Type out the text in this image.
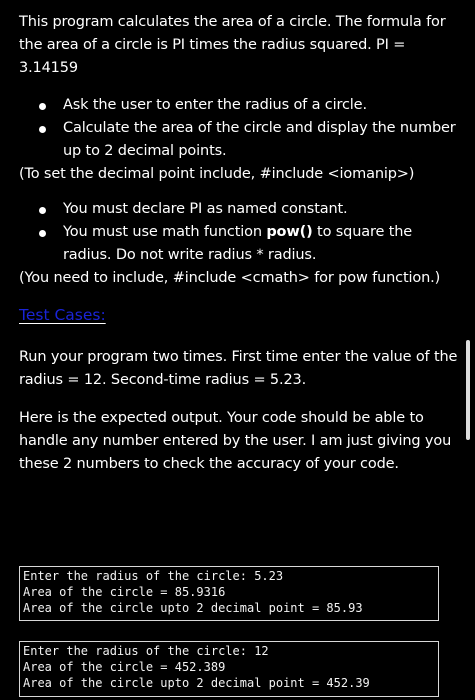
This program calculates the area of a circle. The formula for the area of a circle is PI times the radius squared. PI = 3.14159

Ask the user to enter the radius of a circle.
Calculate the area of the circle and display the number up to 2 decimal points.

(To set the decimal point include, #include <iomanip>)

You must declare PI as named constant.
You must use math function pow() to square the radius. Do not write radius * radius.

(You need to include, #include <cmath> for pow function.)

Test Cases:

Run your program two times. First time enter the value of the radius = 12. Second-time radius = 5.23.

Here is the expected output. Your code should be able to handle any number entered by the user. I am just giving you these 2 numbers to check the accuracy of your code.

Enter the radius of the circle: 5.23
Area of the circle = 85.9316
Area of the circle upto 2 decimal point = 85.93
Enter the radius of the circle: 12
Area of the circle = 452.389
Area of the circle upto 2 decimal point = 452.39
